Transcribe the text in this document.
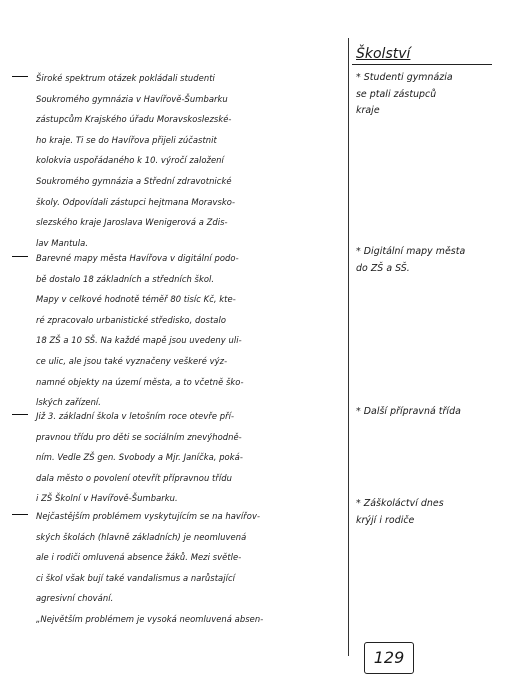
Školství
Široké spektrum otázek pokládali studenti
Soukromého gymnázia v Havířově-Šumbarku
zástupcům Krajského úřadu Moravskoslezské-
ho kraje. Ti se do Havířova přijeli zúčastnit
kolokvia uspořádaného k 10. výročí založení
Soukromého gymnázia a Střední zdravotnické
školy. Odpovídali zástupci hejtmana Moravsko-
slezského kraje Jaroslava Wenigerová a Zdis-
lav Mantula.
Barevné mapy města Havířova v digitální podo-
bě dostalo 18 základních a středních škol.
Mapy v celkové hodnotě téměř 80 tisíc Kč, kte-
ré zpracovalo urbanistické středisko, dostalo
18 ZŠ a 10 SŠ. Na každé mapě jsou uvedeny uli-
ce ulic, ale jsou také vyznačeny veškeré výz-
namné objekty na území města, a to včetně ško-
lských zařízení.
Již 3. základní škola v letošním roce otevře pří-
pravnou třídu pro děti se sociálním znevýhodně-
ním. Vedle ZŠ gen. Svobody a Mjr. Janíčka, poká-
dala město o povolení otevřít přípravnou třídu
i ZŠ Školní v Havířově-Šumbarku.
Nejčastějším problémem vyskytujícím se na havířov-
ských školách (hlavně základních) je neomluvená
ale i rodiči omluvená absence žáků. Mezi světle-
ci škol však bují také vandalismus a narůstající
agresivní chování.
„Největším problémem je vysoká neomluvená absen-
* Studenti gymnázia
se ptali zástupců
kraje
* Digitální mapy města
do ZŠ a SŠ.
* Další přípravná třída
* Záškoláctví dnes
krýjí i rodiče
129
